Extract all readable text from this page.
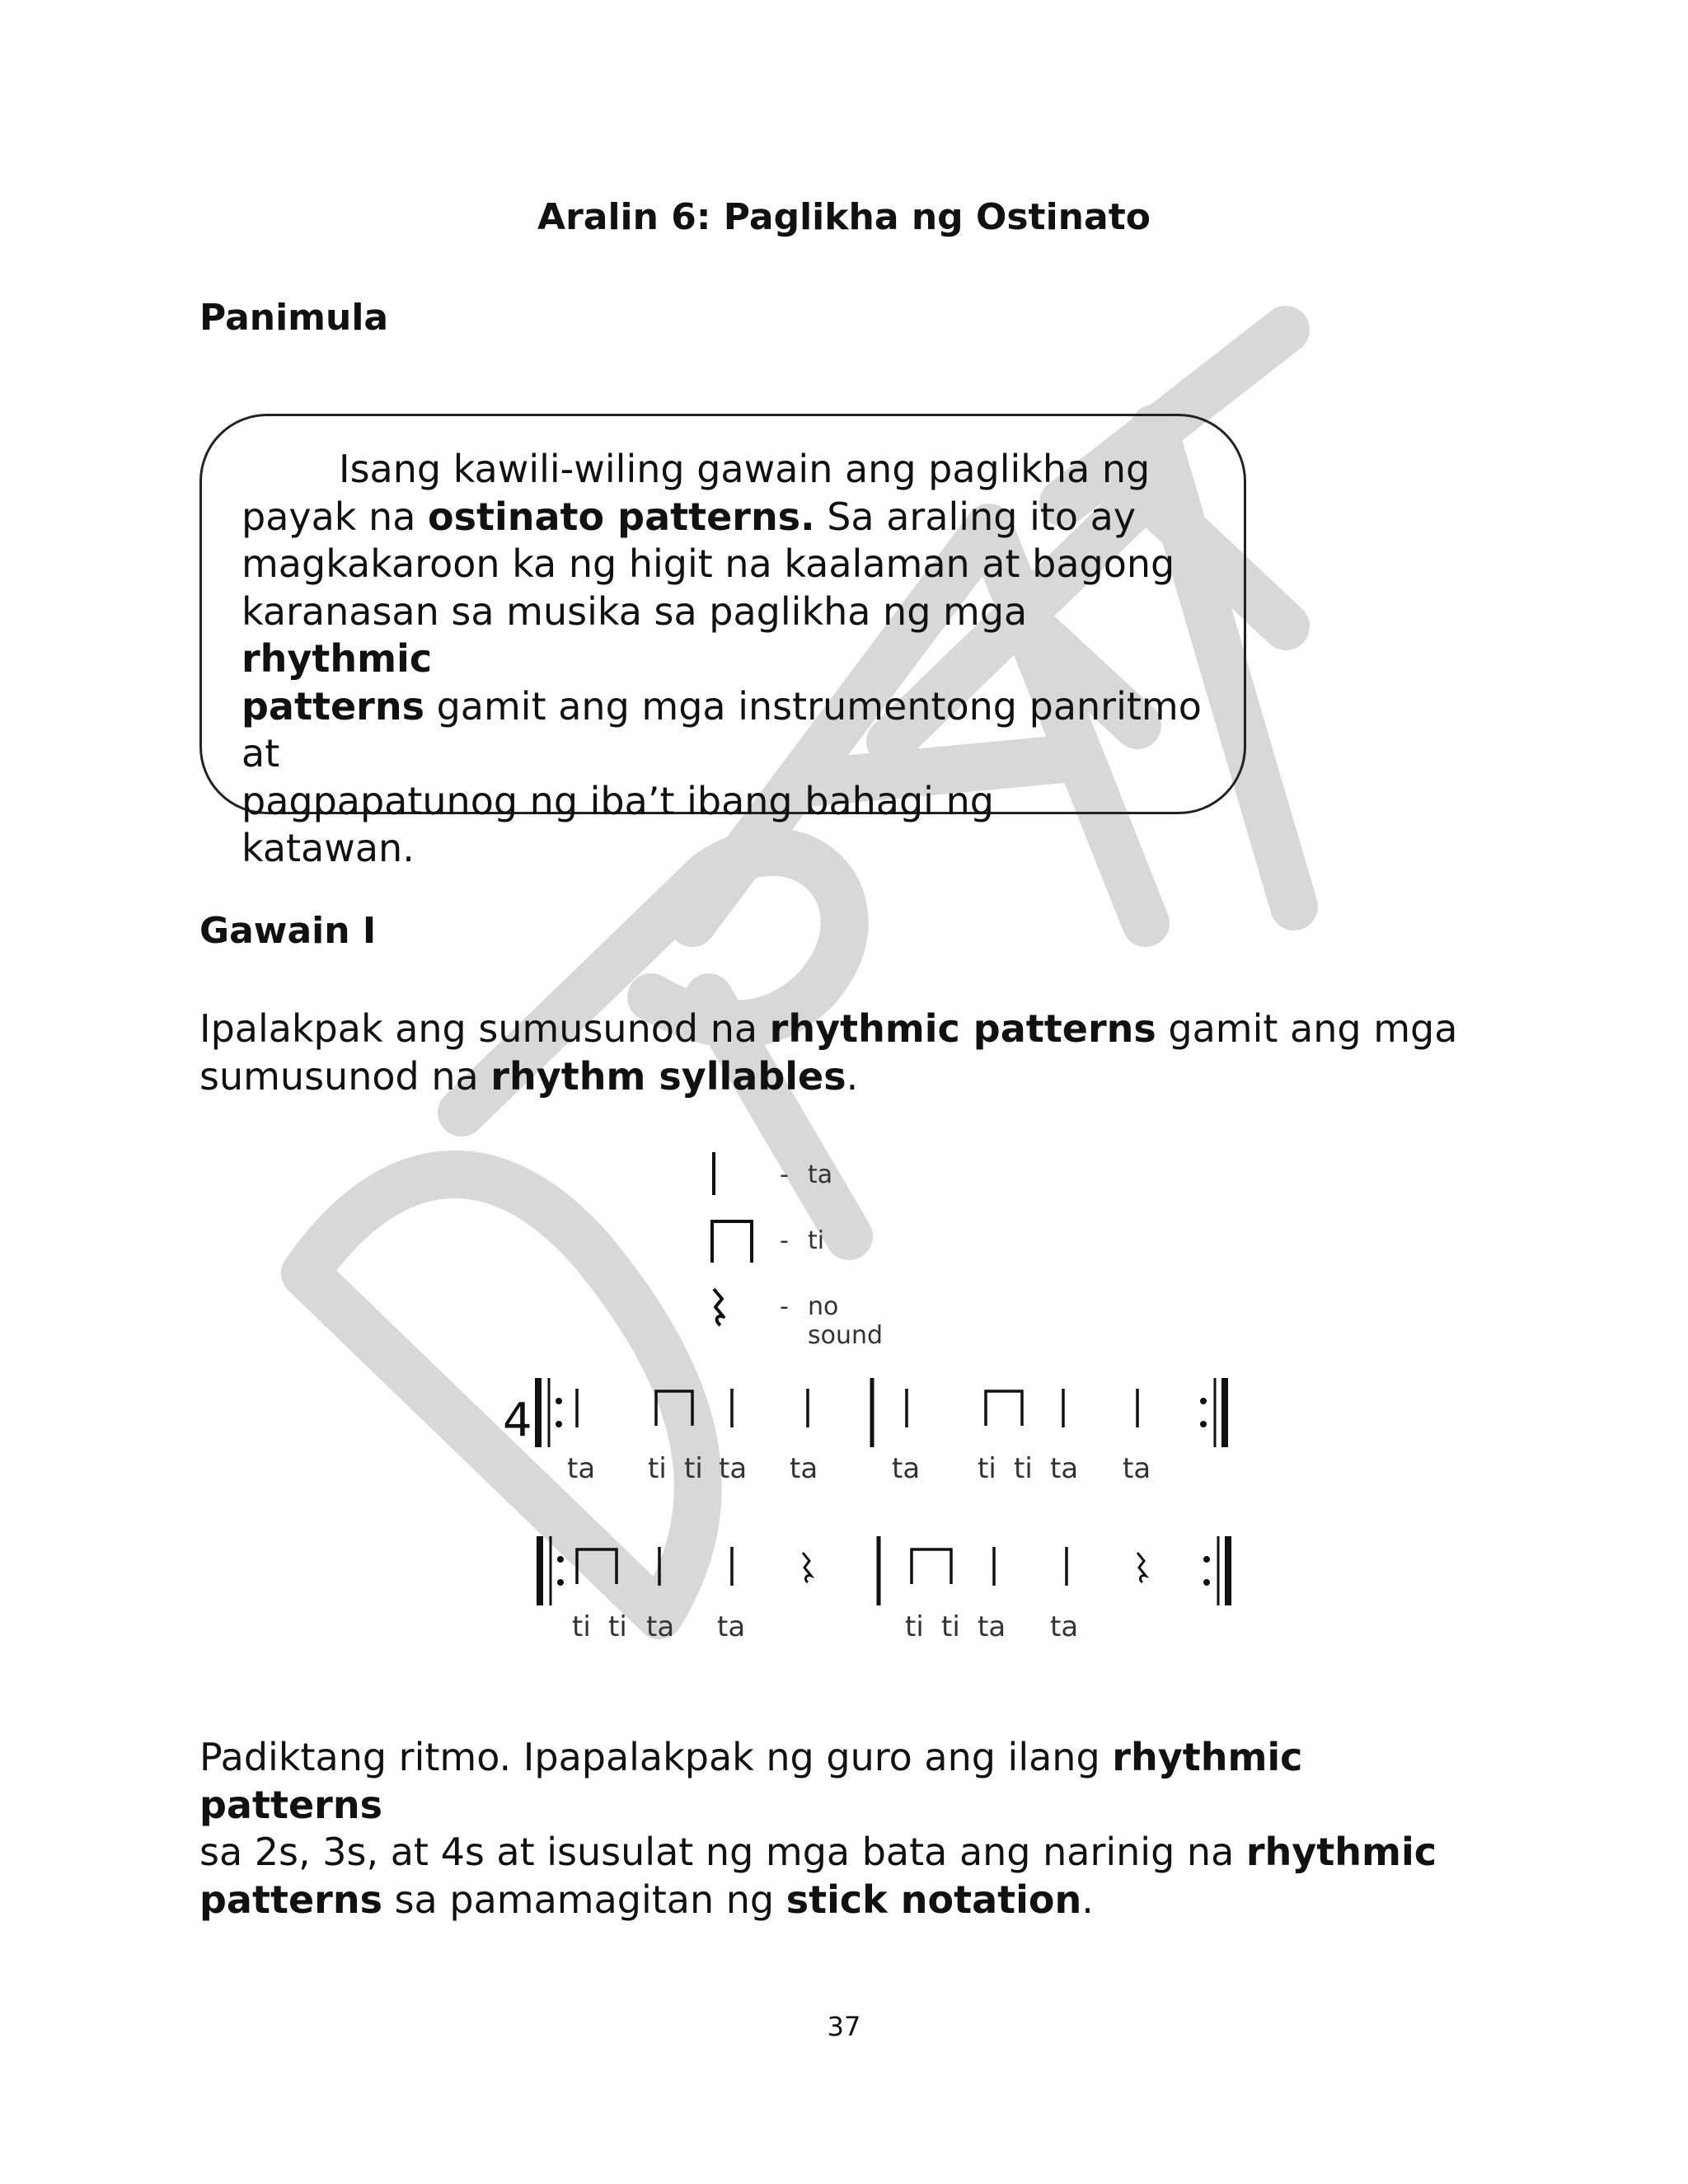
Aralin 6: Paglikha ng Ostinato
Panimula
Isang kawili-wiling gawain ang paglikha ng
payak na ostinato patterns. Sa araling ito ay
magkakaroon ka ng higit na kaalaman at bagong
karanasan sa musika sa paglikha ng mga rhythmic
patterns gamit ang mga instrumentong panritmo at
pagpapatunog ng iba’t ibang bahagi ng
katawan.
Gawain I
Ipalakpak ang sumusunod na rhythmic patterns gamit ang mga
sumusunod na rhythm syllables.
- ta
- ti
- no sound
4
ta ti ti ta ta	ta ti ti ta ta
ti ti ta ta	ti ti ta ta
Padiktang ritmo. Ipapalakpak ng guro ang ilang rhythmic patterns
sa 2s, 3s, at 4s at isusulat ng mga bata ang narinig na rhythmic
patterns sa pamamagitan ng stick notation.
37
